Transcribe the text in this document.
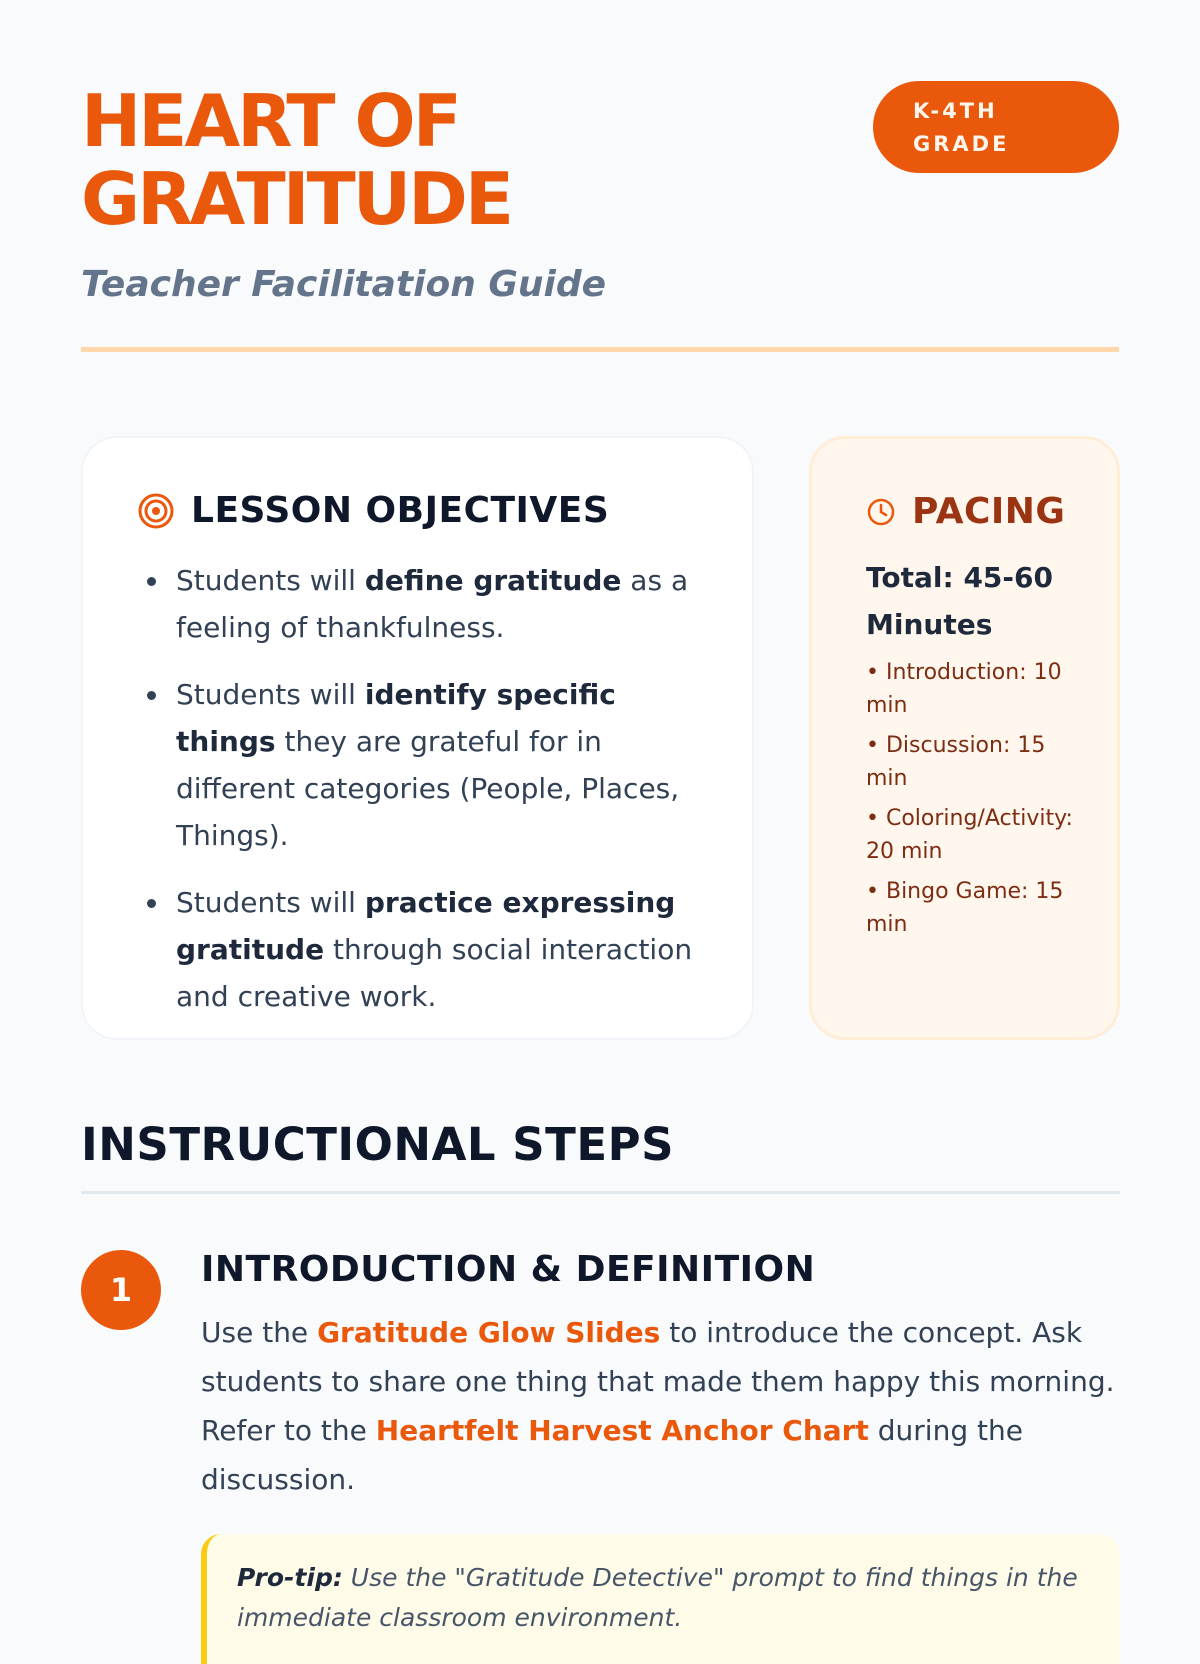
HEART OF
GRATITUDE
Teacher Facilitation Guide
K-4TH
GRADE
LESSON OBJECTIVES
Students will define gratitude as a feeling of thankfulness.
Students will identify specific things they are grateful for in different categories (People, Places, Things).
Students will practice expressing gratitude through social interaction and creative work.
PACING
Total: 45-60 Minutes
• Introduction: 10 min
• Discussion: 15 min
• Coloring/Activity: 20 min
• Bingo Game: 15 min
INSTRUCTIONAL STEPS
1	INTRODUCTION & DEFINITION

Use the Gratitude Glow Slides to introduce the concept. Ask students to share one thing that made them happy this morning. Refer to the Heartfelt Harvest Anchor Chart during the discussion.

Pro-tip: Use the "Gratitude Detective" prompt to find things in the immediate classroom environment.
